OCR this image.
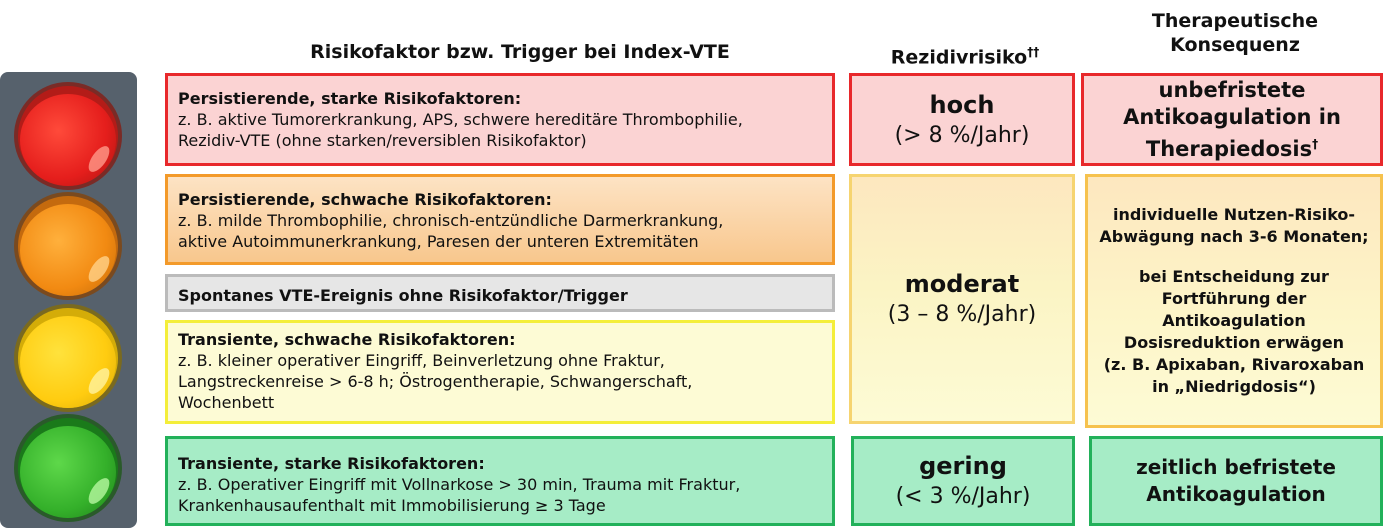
Risikofaktor bzw. Trigger bei Index-VTE	Rezidivrisiko††
Therapeutische
Konsequenz
Persistierende, starke Risikofaktoren:
z. B. aktive Tumorerkrankung, APS, schwere hereditäre Thrombophilie,
Rezidiv-VTE (ohne starken/reversiblen Risikofaktor)
Persistierende, schwache Risikofaktoren:
z. B. milde Thrombophilie, chronisch-entzündliche Darmerkrankung,
aktive Autoimmunerkrankung, Paresen der unteren Extremitäten
Spontanes VTE-Ereignis ohne Risikofaktor/Trigger
Transiente, schwache Risikofaktoren:
z. B. kleiner operativer Eingriff, Beinverletzung ohne Fraktur,
Langstreckenreise > 6-8 h; Östrogentherapie, Schwangerschaft,
Wochenbett
Transiente, starke Risikofaktoren:
z. B. Operativer Eingriff mit Vollnarkose > 30 min, Trauma mit Fraktur,
Krankenhausaufenthalt mit Immobilisierung ≥ 3 Tage
hoch
(> 8 %/Jahr)
moderat
(3 – 8 %/Jahr)
gering
(< 3 %/Jahr)
unbefristete
Antikoagulation in
Therapiedosis†
individuelle Nutzen-Risiko-
Abwägung nach 3-6 Monaten;
bei Entscheidung zur
Fortführung der
Antikoagulation
Dosisreduktion erwägen
(z. B. Apixaban, Rivaroxaban
in „Niedrigdosis“)
zeitlich befristete
Antikoagulation
